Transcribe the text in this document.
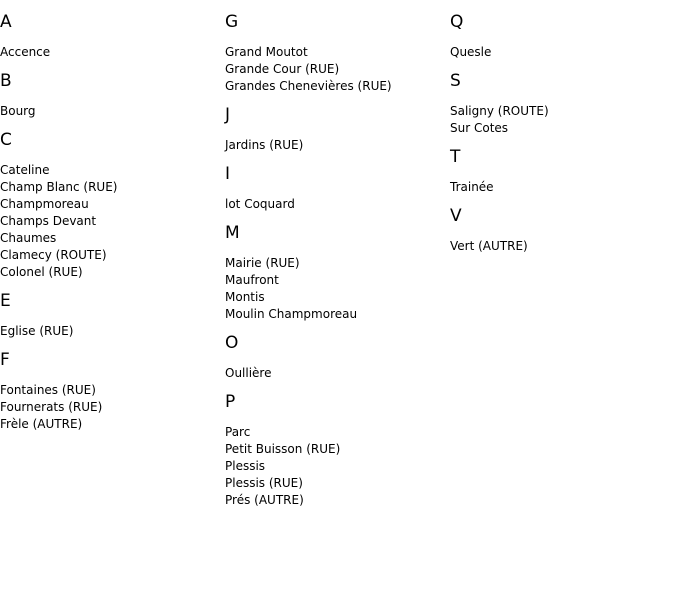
A
Accence
B
Bourg
C
Cateline
Champ Blanc (RUE)
Champmoreau
Champs Devant
Chaumes
Clamecy (ROUTE)
Colonel (RUE)
E
Eglise (RUE)
F
Fontaines (RUE)
Fournerats (RUE)
Frèle (AUTRE)
G
Grand Moutot
Grande Cour (RUE)
Grandes Chenevières (RUE)
J
Jardins (RUE)
I
lot Coquard
M
Mairie (RUE)
Maufront
Montis
Moulin Champmoreau
O
Oullière
P
Parc
Petit Buisson (RUE)
Plessis
Plessis (RUE)
Prés (AUTRE)
Q
Quesle
S
Saligny (ROUTE)
Sur Cotes
T
Trainée
V
Vert (AUTRE)
